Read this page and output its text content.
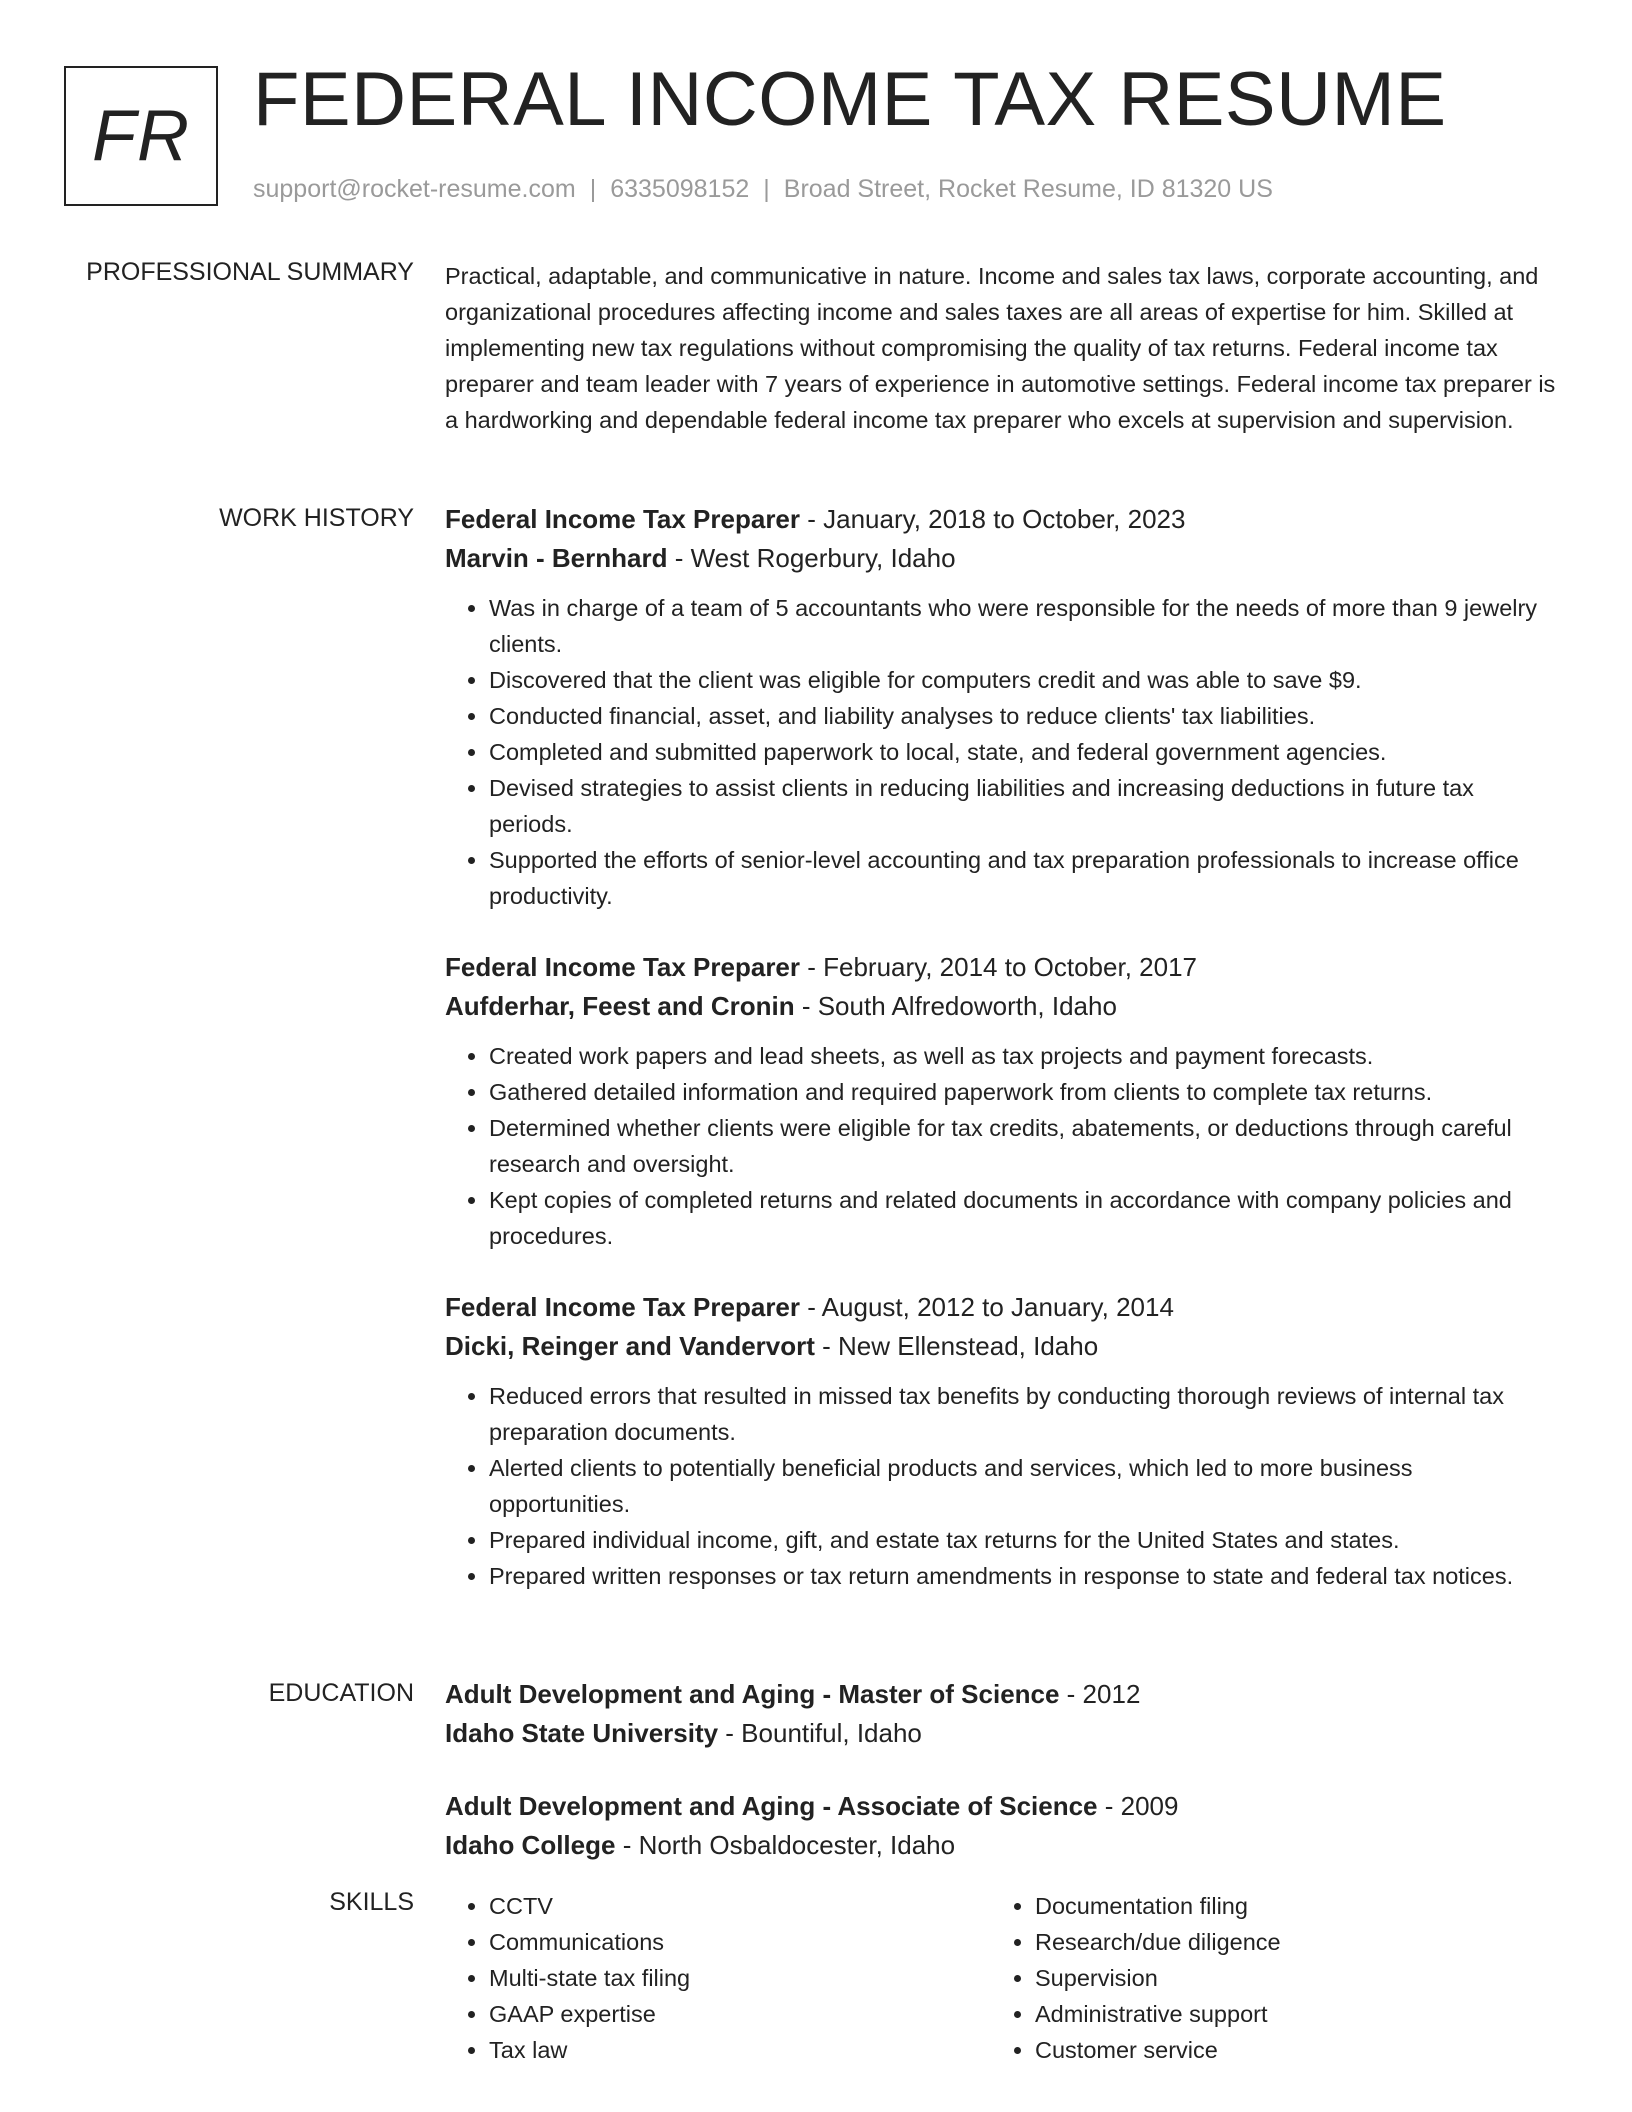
FR FEDERAL INCOME TAX RESUME
support@rocket-resume.com | 6335098152 | Broad Street, Rocket Resume, ID 81320 US
PROFESSIONAL SUMMARY Practical, adaptable, and communicative in nature. Income and sales tax laws, corporate accounting, and organizational procedures affecting income and sales taxes are all areas of expertise for him. Skilled at implementing new tax regulations without compromising the quality of tax returns. Federal income tax preparer and team leader with 7 years of experience in automotive settings. Federal income tax preparer is a hardworking and dependable federal income tax preparer who excels at supervision and supervision.

WORK HISTORY Federal Income Tax Preparer - January, 2018 to October, 2023
Marvin - Bernhard - West Rogerbury, Idaho
• Was in charge of a team of 5 accountants who were responsible for the needs of more than 9 jewelry clients.
• Discovered that the client was eligible for computers credit and was able to save $9.
• Conducted financial, asset, and liability analyses to reduce clients' tax liabilities.
• Completed and submitted paperwork to local, state, and federal government agencies.
• Devised strategies to assist clients in reducing liabilities and increasing deductions in future tax periods.
• Supported the efforts of senior-level accounting and tax preparation professionals to increase office productivity.
Federal Income Tax Preparer - February, 2014 to October, 2017
Aufderhar, Feest and Cronin - South Alfredoworth, Idaho
• Created work papers and lead sheets, as well as tax projects and payment forecasts.
• Gathered detailed information and required paperwork from clients to complete tax returns.
• Determined whether clients were eligible for tax credits, abatements, or deductions through careful research and oversight.
• Kept copies of completed returns and related documents in accordance with company policies and procedures.
Federal Income Tax Preparer - August, 2012 to January, 2014
Dicki, Reinger and Vandervort - New Ellenstead, Idaho
• Reduced errors that resulted in missed tax benefits by conducting thorough reviews of internal tax preparation documents.
• Alerted clients to potentially beneficial products and services, which led to more business opportunities.
• Prepared individual income, gift, and estate tax returns for the United States and states.
• Prepared written responses or tax return amendments in response to state and federal tax notices.
EDUCATION Adult Development and Aging - Master of Science - 2012
Idaho State University - Bountiful, Idaho
Adult Development and Aging - Associate of Science - 2009
Idaho College - North Osbaldocester, Idaho
SKILLS
•	CCTV
• Communications
• Multi-state tax filing
• GAAP expertise
• Tax law
• Documentation filing
• Research/due diligence
• Supervision
• Administrative support
• Customer service
